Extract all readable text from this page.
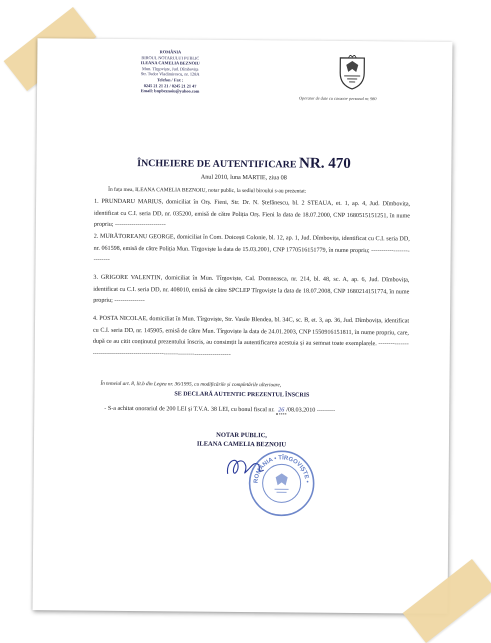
ROMÂNIA
BIROUL NOTARULUI PUBLIC
ILEANA CAMELIA BEZNOIU
Mun. Tîrgoviște, Jud. Dîmbovița
Str. Tudor Vladimirescu, nr. 128A
Telefon / Fax :
0245 21 21 21 / 0245 21 21 47
Email: bnpbeznoiu@yahoo.com
Operator de date cu caracter personal nr. 980
ÎNCHEIERE DE AUTENTIFICARE NR. 470
Anul 2010, luna MARTIE, ziua 08
În fața mea, ILEANA CAMELIA BEZNOIU, notar public, la sediul biroului s-au prezentat:
1. PRUNDARU MARIUS, domiciliat în Orș. Fieni, Str. Dr. N. Ștefănescu, bl. 2 STEAUA, et. 1, ap. 4, Jud. Dîmbovița, identificat cu C.I. seria DD, nr. 035200, emisă de către Poliția Orș. Fieni la data de 18.07.2000, CNP 1680515151251, în nume propriu; -------------------------
2. MURĂTOREANU GEORGE, domiciliat în Com. Doicești Colonie, bl. 12, ap. 1, Jud. Dîmbovița, identificat cu C.I. seria DD, nr. 061598, emisă de către Poliția Mun. Tîrgoviște la data de 15.03.2001, CNP 1770516151779, în nume propriu; ---------------------------
3. GRIGORE VALENTIN, domiciliat în Mun. Tîrgoviște, Cal. Domneasca, nr. 214, bl. 48, sc. A, ap. 6, Jud. Dîmbovița, identificat cu C.I. seria DD, nr. 408010, emisă de către SPCLEP Tîrgoviște la data de 18.07.2008, CNP 1680214151774, în nume propriu; ---------------
4. POSTA NICOLAE, domiciliat în Mun. Tîrgoviște, Str. Vasile Blendea, bl. 34C, sc. B, et. 3, ap. 36, Jud. Dîmbovița, identificat cu C.I. seria DD, nr. 145905, emisă de către Mun. Tîrgoviște la data de 24.01.2003, CNP 1550916151811, în nume propriu, care, după ce au citit conținutul prezentului înscris, au consimțit la autentificarea acestuia și au semnat toate exemplarele. -----------------------------------------------------------------------------------
În temeiul art. 8, lit.b din Legea nr. 36/1995, cu modificările și completările ulterioare,
SE DECLARĂ AUTENTIC PREZENTUL ÎNSCRIS
- S-a achitat onorariul de 200 LEI și T.V.A. 38 LEI, cu bonul fiscal nr. 26 /08.03.2010 ---------
NOTAR PUBLIC,
ILEANA CAMELIA BEZNOIU
ROMÂNIA • TÎRGOVIȘTE •
